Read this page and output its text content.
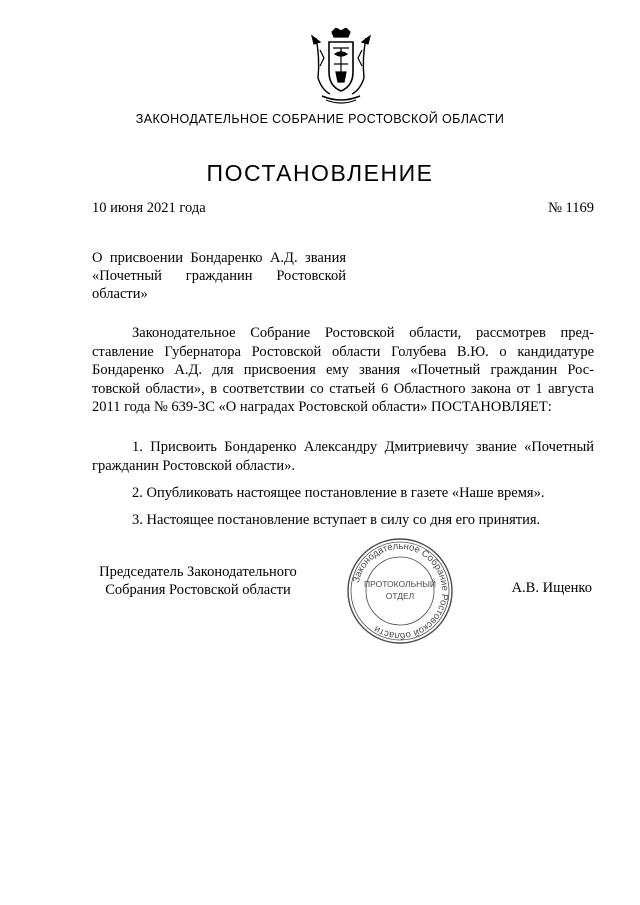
ЗАКОНОДАТЕЛЬНОЕ СОБРАНИЕ РОСТОВСКОЙ ОБЛАСТИ
ПОСТАНОВЛЕНИЕ
10 июня 2021 года	№ 1169
О присвоении Бондаренко А.Д. звания
«Почетный гражданин Ростовской
области»
Законодательное Собрание Ростовской области, рассмотрев пред-
ставление Губернатора Ростовской области Голубева В.Ю. о кандидатуре
Бондаренко А.Д. для присвоения ему звания «Почетный гражданин Рос-
товской области», в соответствии со статьей 6 Областного закона от 1 августа
2011 года № 639-ЗС «О наградах Ростовской области» ПОСТАНОВЛЯЕТ:
1. Присвоить Бондаренко Александру Дмитриевичу звание «Почетный
гражданин Ростовской области».
2. Опубликовать настоящее постановление в газете «Наше время».
3. Настоящее постановление вступает в силу со дня его принятия.
Председатель Законодательного
Собрания Ростовской области
Законодательное Собрание Ростовской области
ПРОТОКОЛЬНЫЙ
ОТДЕЛ	А.В. Ищенко
